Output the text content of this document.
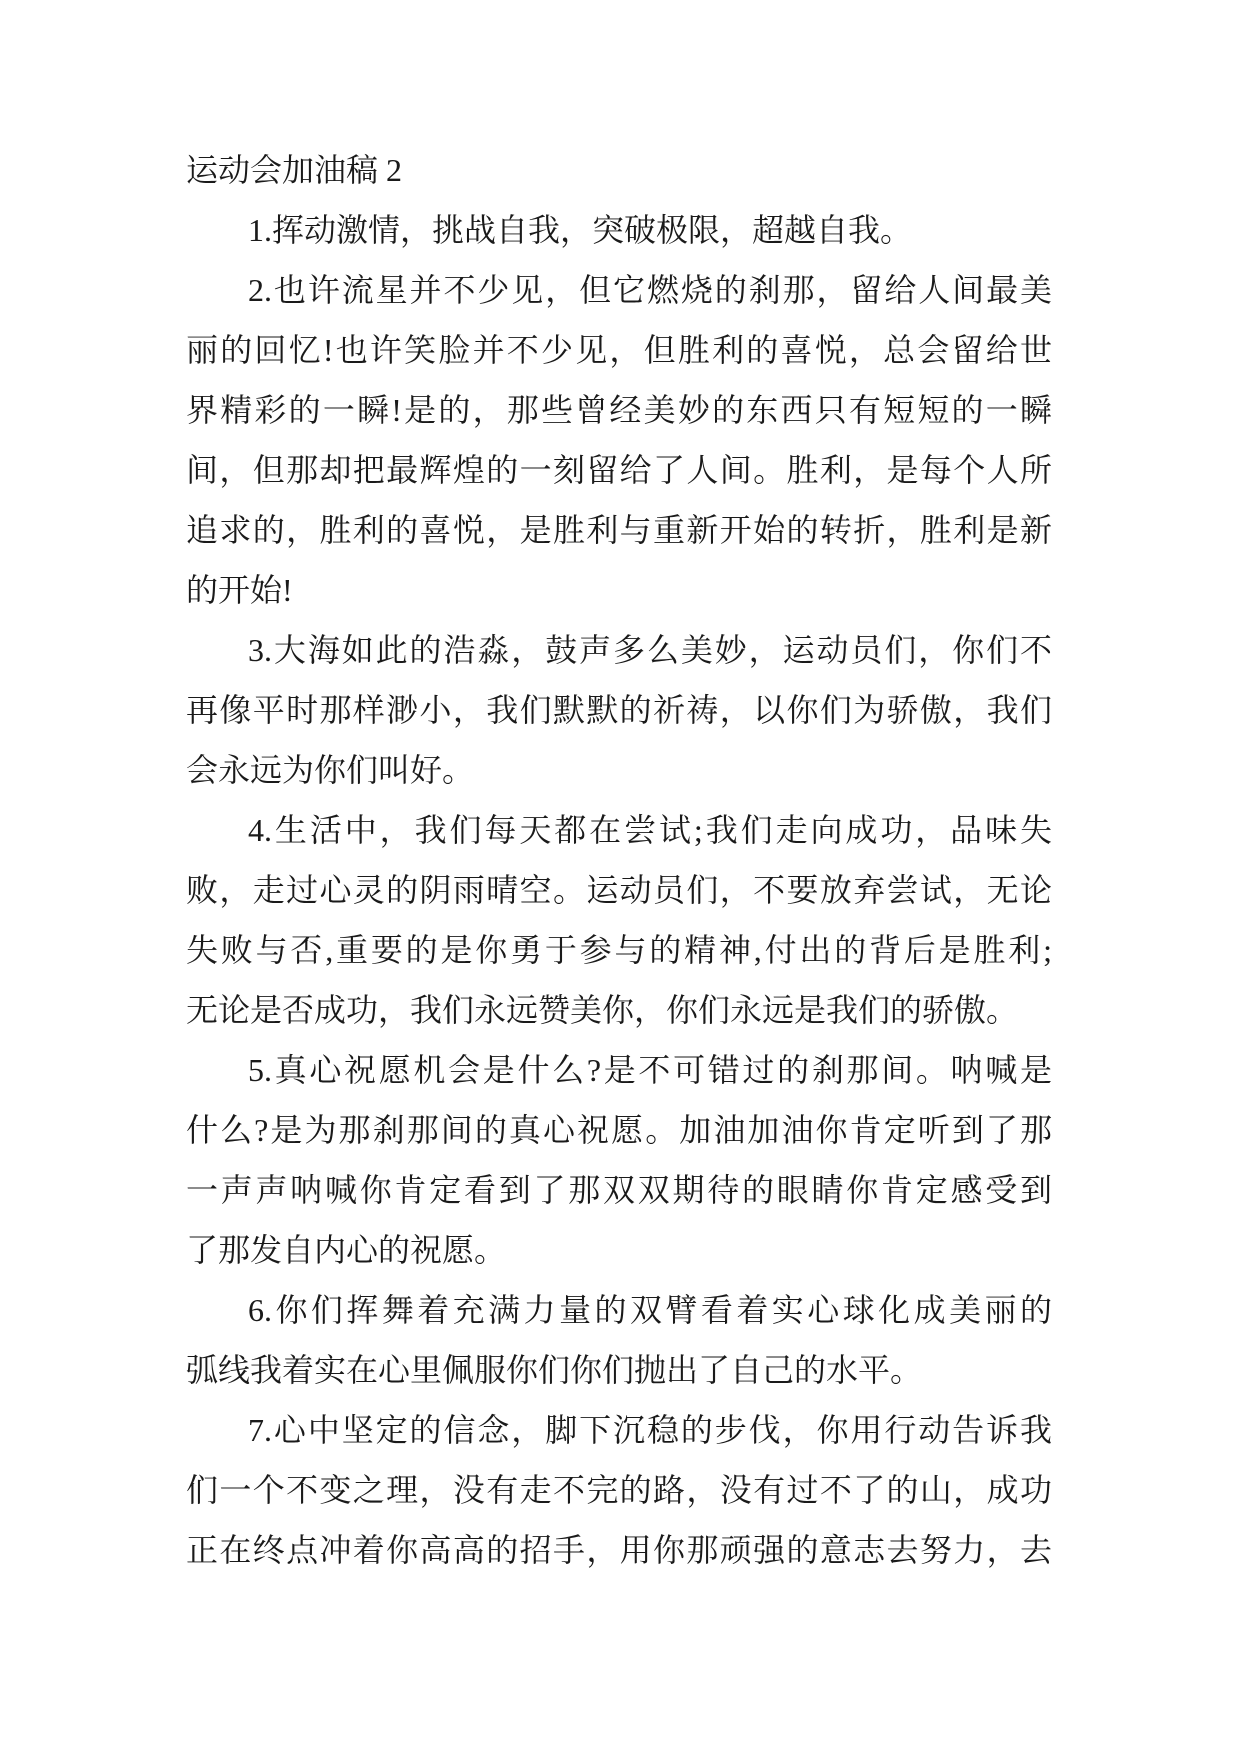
运动会加油稿 2
1.挥动激情，挑战自我，突破极限，超越自我。
2.也许流星并不少见，但它燃烧的刹那，留给人间最美
丽的回忆!也许笑脸并不少见，但胜利的喜悦，总会留给世
界精彩的一瞬!是的，那些曾经美妙的东西只有短短的一瞬
间，但那却把最辉煌的一刻留给了人间。胜利，是每个人所
追求的，胜利的喜悦，是胜利与重新开始的转折，胜利是新
的开始!
3.大海如此的浩淼，鼓声多么美妙，运动员们，你们不
再像平时那样渺小，我们默默的祈祷，以你们为骄傲，我们
会永远为你们叫好。
4.生活中，我们每天都在尝试;我们走向成功，品味失
败，走过心灵的阴雨晴空。运动员们，不要放弃尝试，无论
失败与否,重要的是你勇于参与的精神,付出的背后是胜利;
无论是否成功，我们永远赞美你，你们永远是我们的骄傲。
5.真心祝愿机会是什么?是不可错过的刹那间。呐喊是
什么?是为那刹那间的真心祝愿。加油加油你肯定听到了那
一声声呐喊你肯定看到了那双双期待的眼睛你肯定感受到
了那发自内心的祝愿。
6.你们挥舞着充满力量的双臂看着实心球化成美丽的
弧线我着实在心里佩服你们你们抛出了自己的水平。
7.心中坚定的信念，脚下沉稳的步伐，你用行动告诉我
们一个不变之理，没有走不完的路，没有过不了的山，成功
正在终点冲着你高高的招手，用你那顽强的意志去努力，去
